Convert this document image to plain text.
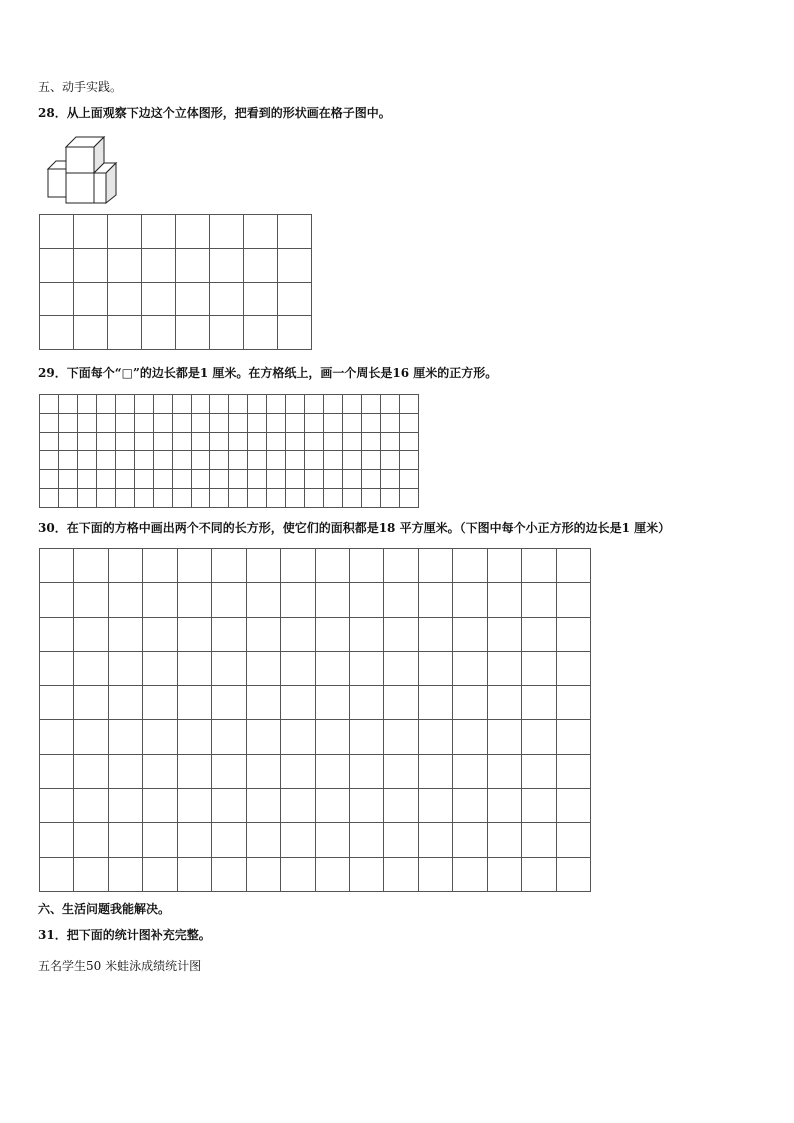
五、动手实践。
28．从上面观察下边这个立体图形，把看到的形状画在格子图中。

29．下面每个“□”的边长都是1 厘米。在方格纸上，画一个周长是16 厘米的正方形。

30．在下面的方格中画出两个不同的长方形，使它们的面积都是18 平方厘米。（下图中每个小正方形的边长是1 厘米）

六、生活问题我能解决。
31．把下面的统计图补充完整。
五名学生50 米蛙泳成绩统计图
